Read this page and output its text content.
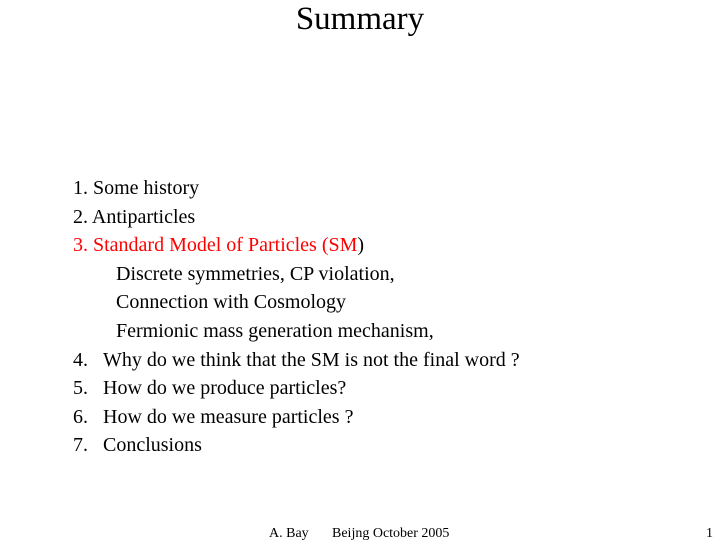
Summary
1. Some history
2. Antiparticles
3. Standard Model of Particles (SM)
Discrete symmetries, CP violation,
Connection with Cosmology
Fermionic mass generation mechanism,
4. Why do we think that the SM is not the final word ?
5. How do we produce particles?
6. How do we measure particles ?
7. Conclusions
A. Bay Beijng October 2005	1
